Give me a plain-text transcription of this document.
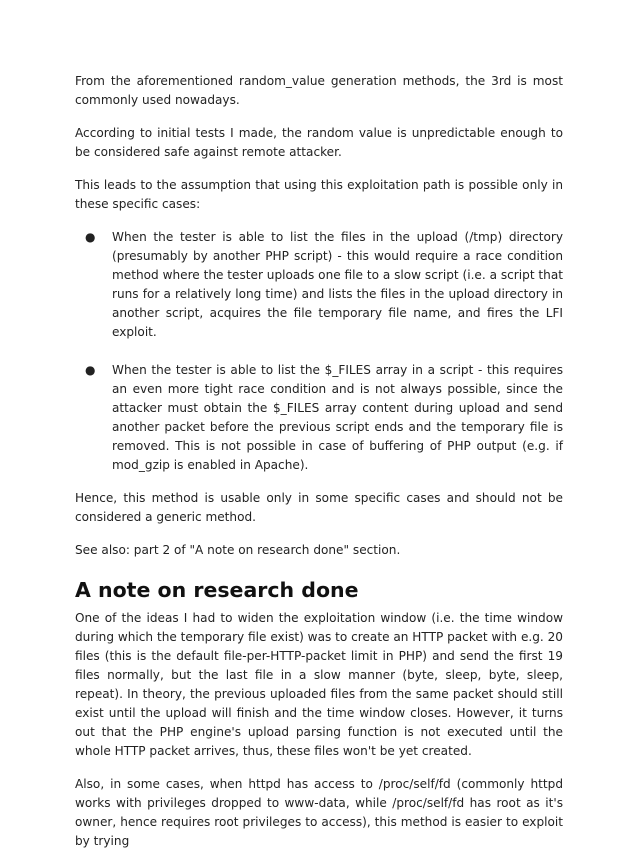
From the aforementioned random_value generation methods, the 3rd is most commonly used nowadays.

According to initial tests I made, the random value is unpredictable enough to be considered safe against remote attacker.

This leads to the assumption that using this exploitation path is possible only in these specific cases:

● When the tester is able to list the files in the upload (/tmp) directory (presumably by another PHP script) - this would require a race condition method where the tester uploads one file to a slow script (i.e. a script that runs for a relatively long time) and lists the files in the upload directory in another script, acquires the file temporary file name, and fires the LFI exploit.
● When the tester is able to list the $_FILES array in a script - this requires an even more tight race condition and is not always possible, since the attacker must obtain the $_FILES array content during upload and send another packet before the previous script ends and the temporary file is removed. This is not possible in case of buffering of PHP output (e.g. if mod_gzip is enabled in Apache).

Hence, this method is usable only in some specific cases and should not be considered a generic method.

See also: part 2 of "A note on research done" section.

A note on research done

One of the ideas I had to widen the exploitation window (i.e. the time window during which the temporary file exist) was to create an HTTP packet with e.g. 20 files (this is the default file-per-HTTP-packet limit in PHP) and send the first 19 files normally, but the last file in a slow manner (byte, sleep, byte, sleep, repeat). In theory, the previous uploaded files from the same packet should still exist until the upload will finish and the time window closes. However, it turns out that the PHP engine's upload parsing function is not executed until the whole HTTP packet arrives, thus, these files won't be yet created.

Also, in some cases, when httpd has access to /proc/self/fd (commonly httpd works with privileges dropped to www-data, while /proc/self/fd has root as it's owner, hence requires root privileges to access), this method is easier to exploit by trying
